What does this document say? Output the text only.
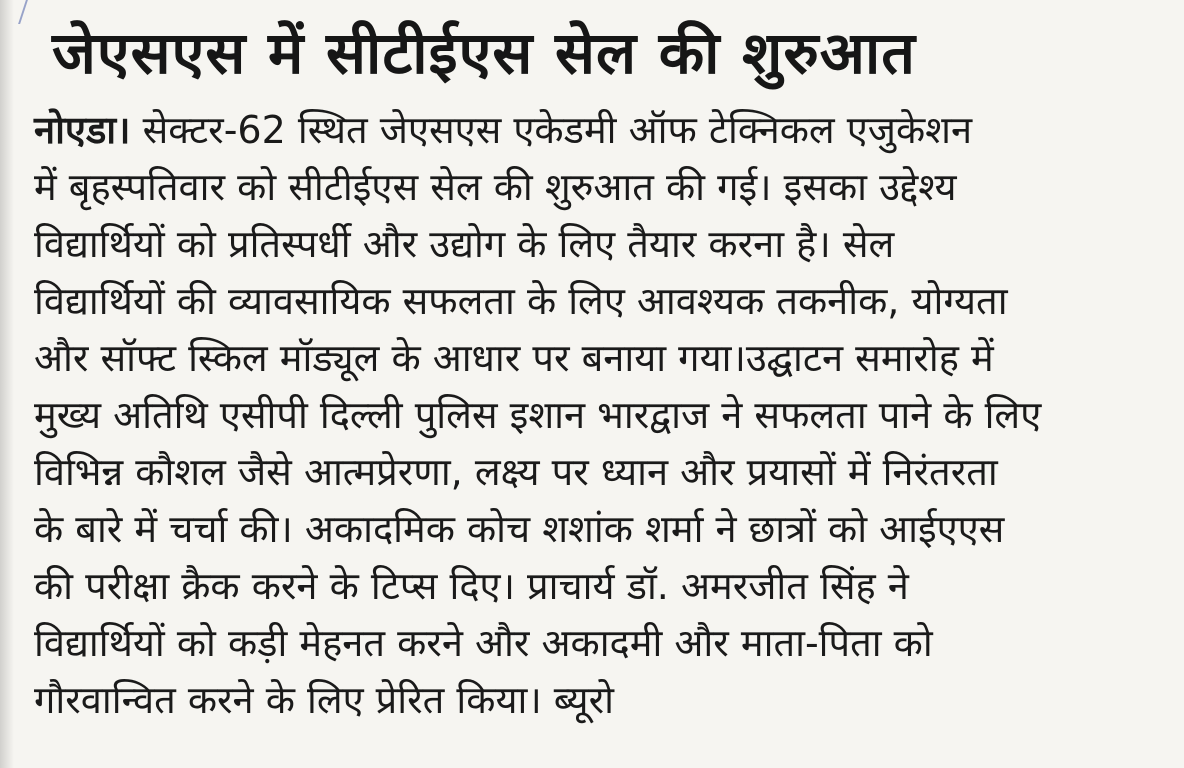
जेएसएस में सीटीईएस सेल की शुरुआत
नोएडा। सेक्टर-62 स्थित जेएसएस एकेडमी ऑफ टेक्निकल एजुकेशन
में बृहस्पतिवार को सीटीईएस सेल की शुरुआत की गई। इसका उद्देश्य
विद्यार्थियों को प्रतिस्पर्धी और उद्योग के लिए तैयार करना है। सेल
विद्यार्थियों की व्यावसायिक सफलता के लिए आवश्यक तकनीक, योग्यता
और सॉफ्ट स्किल मॉड्यूल के आधार पर बनाया गया।उद्घाटन समारोह में
मुख्य अतिथि एसीपी दिल्ली पुलिस इशान भारद्वाज ने सफलता पाने के लिए
विभिन्न कौशल जैसे आत्मप्रेरणा, लक्ष्य पर ध्यान और प्रयासों में निरंतरता
के बारे में चर्चा की। अकादमिक कोच शशांक शर्मा ने छात्रों को आईएएस
की परीक्षा क्रैक करने के टिप्स दिए। प्राचार्य डॉ. अमरजीत सिंह ने
विद्यार्थियों को कड़ी मेहनत करने और अकादमी और माता-पिता को
गौरवान्वित करने के लिए प्रेरित किया। ब्यूरो
